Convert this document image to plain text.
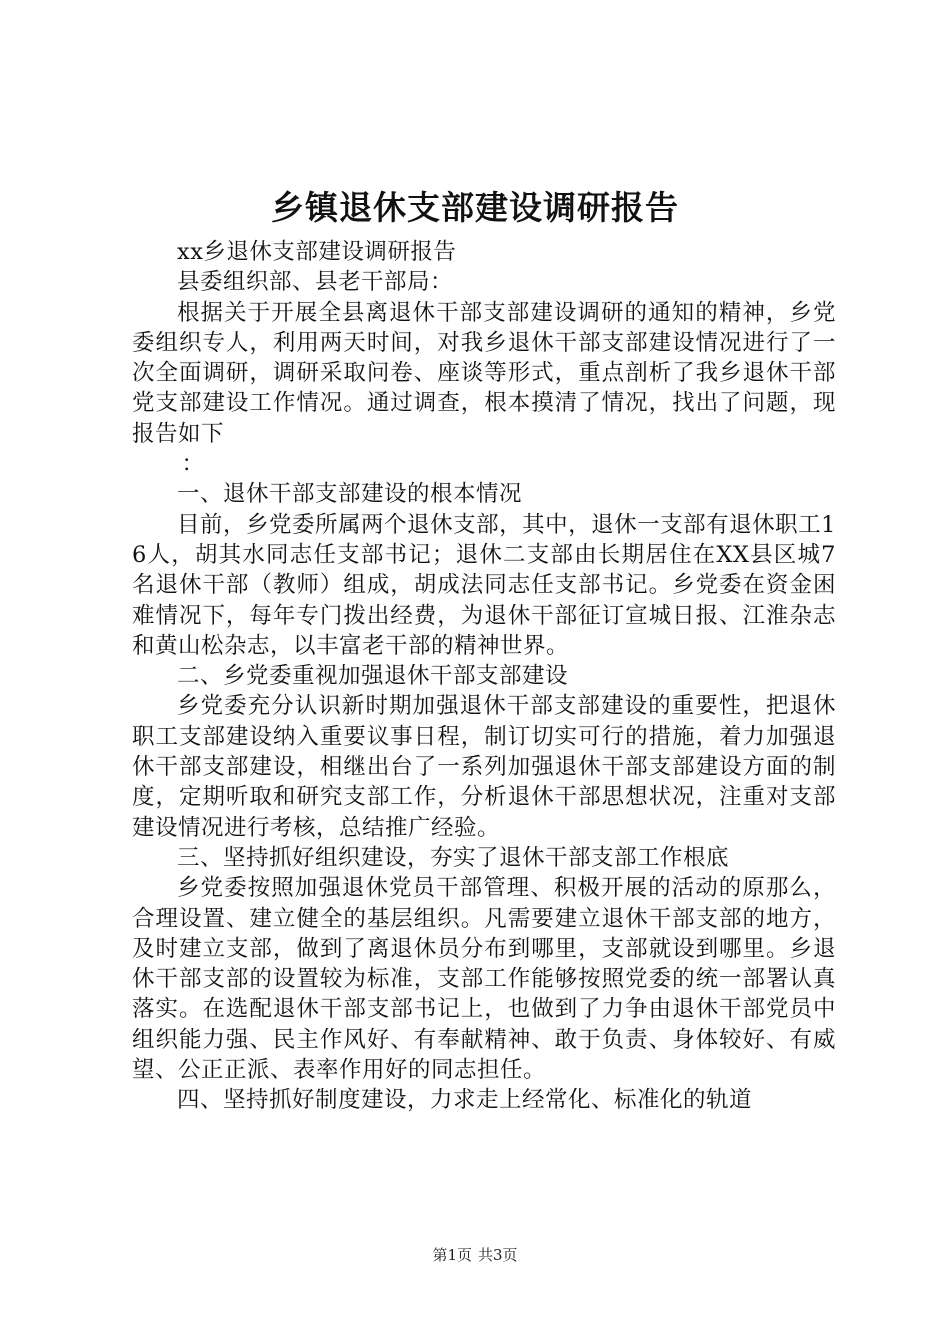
乡镇退休支部建设调研报告

xx乡退休支部建设调研报告

县委组织部、县老干部局：

根据关于开展全县离退休干部支部建设调研的通知的精神，乡党委组织专人，利用两天时间，对我乡退休干部支部建设情况进行了一次全面调研，调研采取问卷、座谈等形式，重点剖析了我乡退休干部党支部建设工作情况。通过调查，根本摸清了情况，找出了问题，现报告如下

：

一、退休干部支部建设的根本情况

目前，乡党委所属两个退休支部，其中，退休一支部有退休职工16人，胡其水同志任支部书记；退休二支部由长期居住在XX县区城7名退休干部（教师）组成，胡成法同志任支部书记。乡党委在资金困难情况下，每年专门拨出经费，为退休干部征订宣城日报、江淮杂志和黄山松杂志，以丰富老干部的精神世界。

二、乡党委重视加强退休干部支部建设

乡党委充分认识新时期加强退休干部支部建设的重要性，把退休职工支部建设纳入重要议事日程，制订切实可行的措施，着力加强退休干部支部建设，相继出台了一系列加强退休干部支部建设方面的制度，定期听取和研究支部工作，分析退休干部思想状况，注重对支部建设情况进行考核，总结推广经验。

三、坚持抓好组织建设，夯实了退休干部支部工作根底

乡党委按照加强退休党员干部管理、积极开展的活动的原那么，合理设置、建立健全的基层组织。凡需要建立退休干部支部的地方，及时建立支部，做到了离退休员分布到哪里，支部就设到哪里。乡退休干部支部的设置较为标准，支部工作能够按照党委的统一部署认真落实。在选配退休干部支部书记上，也做到了力争由退休干部党员中组织能力强、民主作风好、有奉献精神、敢于负责、身体较好、有威望、公正正派、表率作用好的同志担任。

四、坚持抓好制度建设，力求走上经常化、标准化的轨道

第1页 共3页
